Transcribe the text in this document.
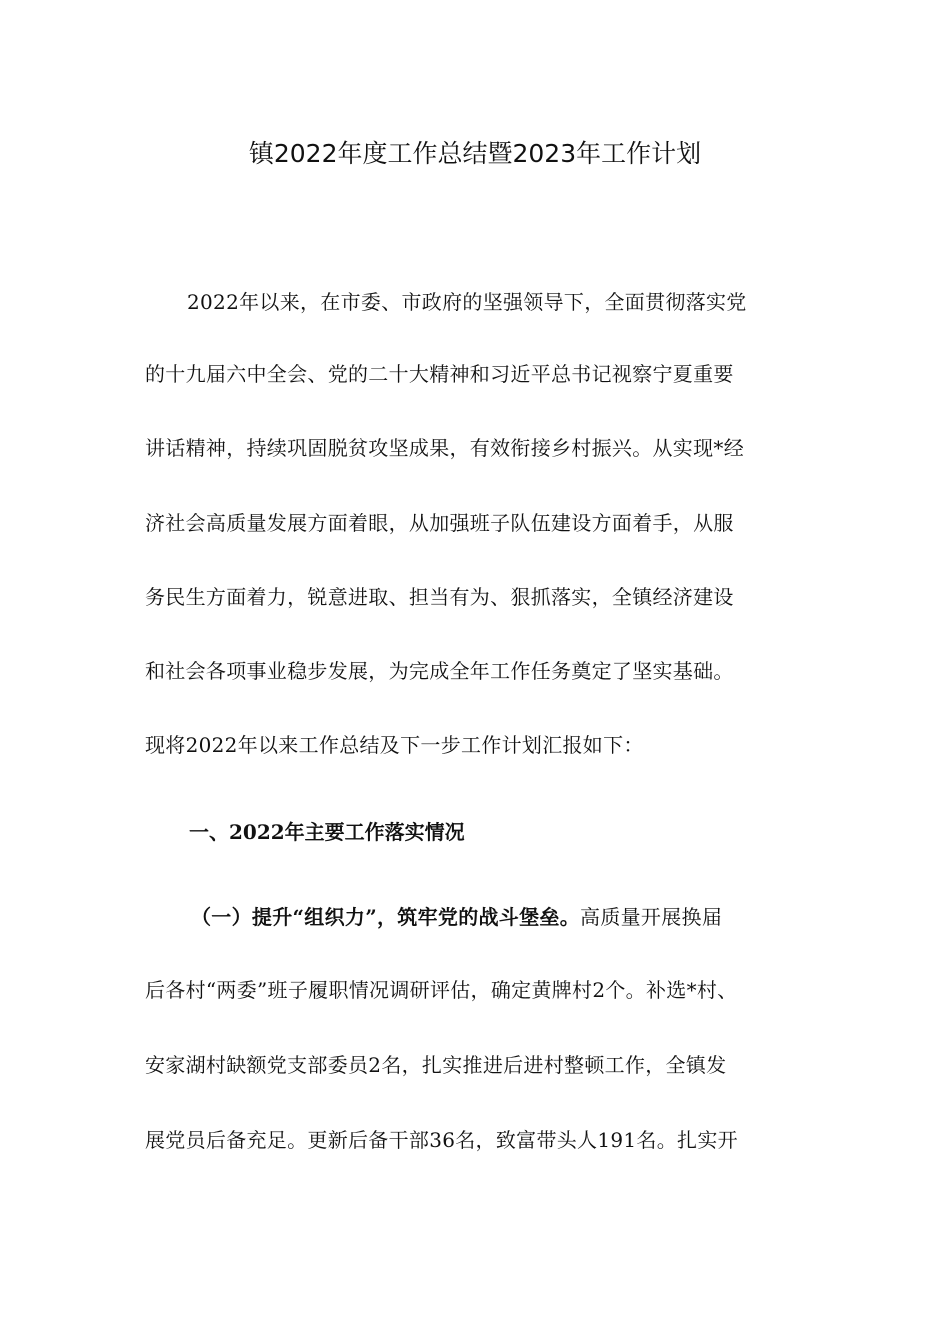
镇2022年度工作总结暨2023年工作计划
2022年以来，在市委、市政府的坚强领导下，全面贯彻落实党
的十九届六中全会、党的二十大精神和习近平总书记视察宁夏重要
讲话精神，持续巩固脱贫攻坚成果，有效衔接乡村振兴。从实现*经
济社会高质量发展方面着眼，从加强班子队伍建设方面着手，从服
务民生方面着力，锐意进取、担当有为、狠抓落实，全镇经济建设
和社会各项事业稳步发展，为完成全年工作任务奠定了坚实基础。
现将2022年以来工作总结及下一步工作计划汇报如下：
一、2022年主要工作落实情况
（一）提升“组织力”，筑牢党的战斗堡垒。高质量开展换届
后各村“两委”班子履职情况调研评估，确定黄牌村2个。补选*村、
安家湖村缺额党支部委员2名，扎实推进后进村整顿工作，全镇发
展党员后备充足。更新后备干部36名，致富带头人191名。扎实开
